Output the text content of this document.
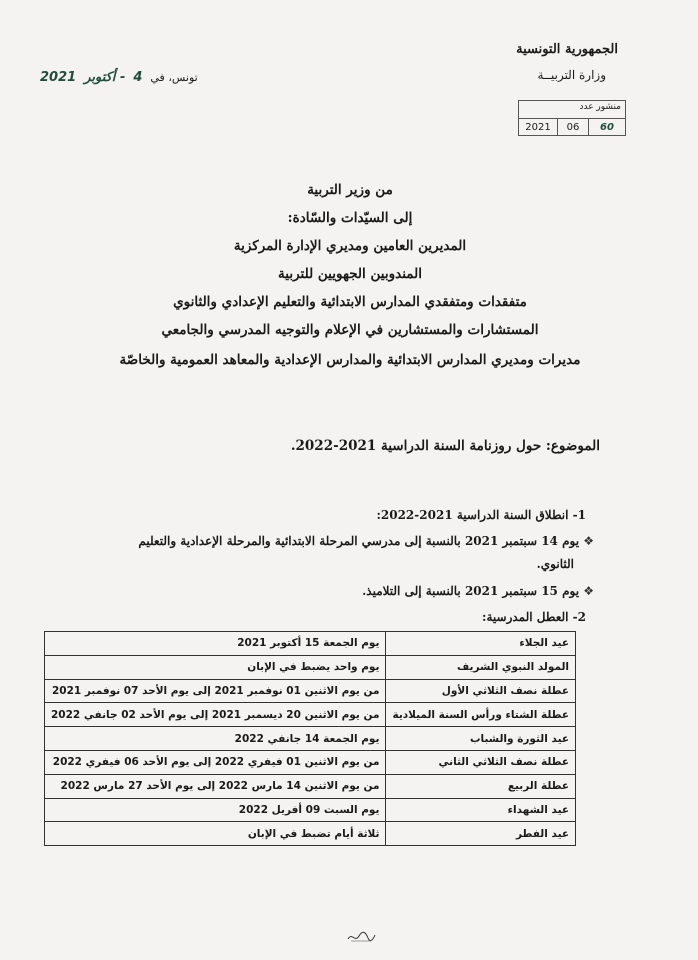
الجمهورية التونسية
وزارة التربيــة
2021 - أكتوبر 4 تونس، في
منشور عدد
2021	06	60
من وزير التربية
إلى السيّدات والسّادة:
المديرين العامين ومديري الإدارة المركزية
المندوبين الجهويين للتربية
متفقدات ومتفقدي المدارس الابتدائية والتعليم الإعدادي والثانوي
المستشارات والمستشارين في الإعلام والتوجيه المدرسي والجامعي
مديرات ومديري المدارس الابتدائية والمدارس الإعدادية والمعاهد العمومية والخاصّة
الموضوع: حول روزنامة السنة الدراسية 2021-2022.
1- انطلاق السنة الدراسية 2021-2022:
❖ يوم 14 سبتمبر 2021 بالنسبة إلى مدرسي المرحلة الابتدائية والمرحلة الإعدادية والتعليم
الثانوي.
❖ يوم 15 سبتمبر 2021 بالنسبة إلى التلاميذ.
2- العطل المدرسية:
عيد الجلاء	يوم الجمعة 15 أكتوبر 2021
المولد النبوي الشريف	يوم واحد يضبط في الإبان
عطلة نصف الثلاثي الأول	من يوم الاثنين 01 نوفمبر 2021 إلى يوم الأحد 07 نوفمبر 2021
عطلة الشتاء ورأس السنة الميلادية	من يوم الاثنين 20 ديسمبر 2021 إلى يوم الأحد 02 جانفي 2022
عيد الثورة والشباب	يوم الجمعة 14 جانفي 2022
عطلة نصف الثلاثي الثاني	من يوم الاثنين 01 فيفري 2022 إلى يوم الأحد 06 فيفري 2022
عطلة الربيع	من يوم الاثنين 14 مارس 2022 إلى يوم الأحد 27 مارس 2022
عيد الشهداء	يوم السبت 09 أفريل 2022
عيد الفطر	ثلاثة أيام تضبط في الإبان
